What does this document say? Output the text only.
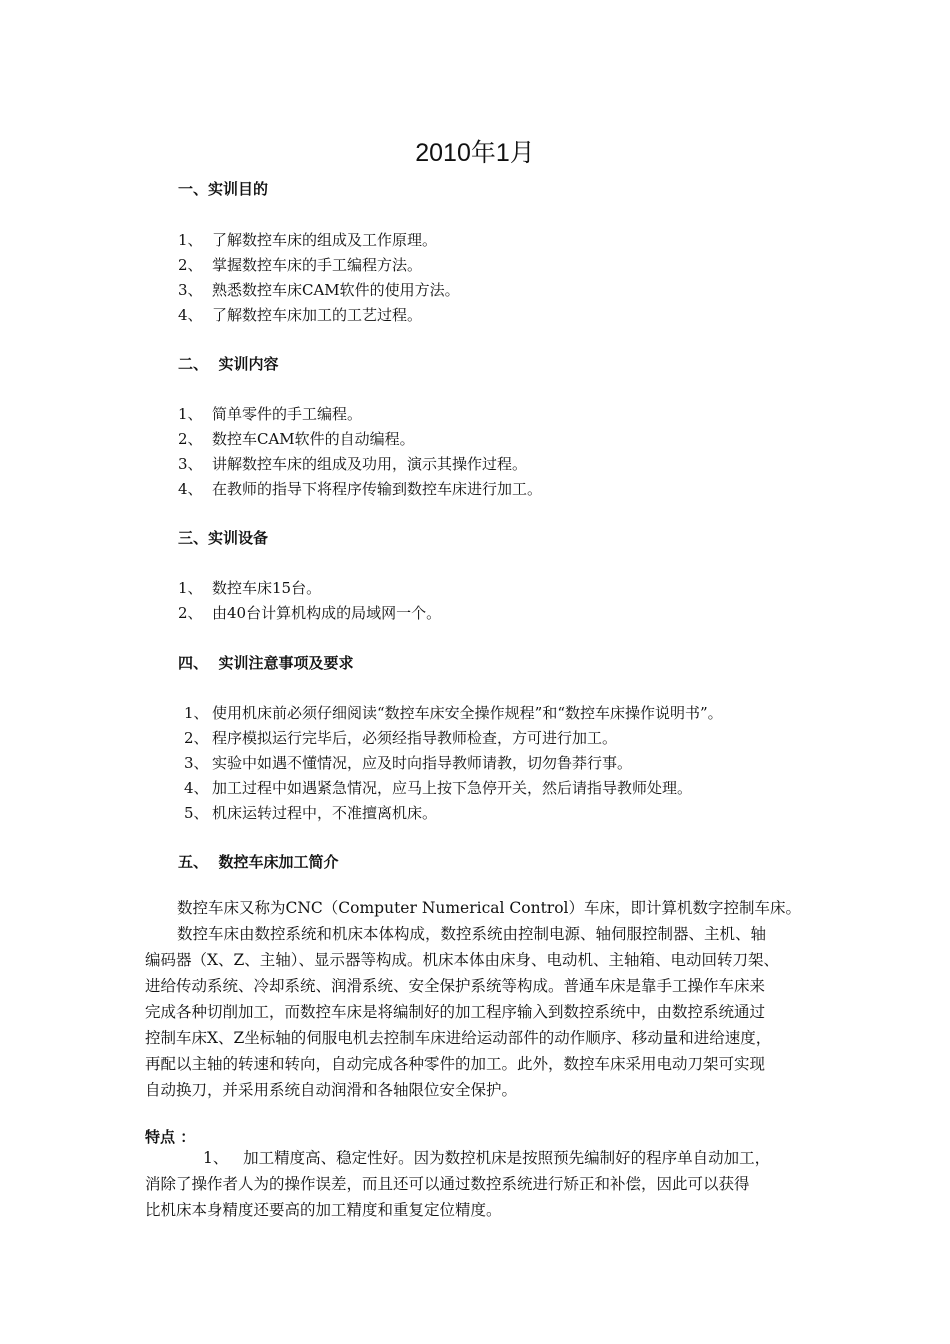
2010年1月
一、实训目的
1、 了解数控车床的组成及工作原理。
2、 掌握数控车床的手工编程方法。
3、 熟悉数控车床CAM软件的使用方法。
4、 了解数控车床加工的工艺过程。
二、  实训内容
1、 简单零件的手工编程。
2、 数控车CAM软件的自动编程。
3、 讲解数控车床的组成及功用，演示其操作过程。
4、 在教师的指导下将程序传输到数控车床进行加工。
三、实训设备
1、 数控车床15台。
2、 由40台计算机构成的局域网一个。
四、  实训注意事项及要求
1、 使用机床前必须仔细阅读“数控车床安全操作规程”和“数控车床操作说明书”。
2、 程序模拟运行完毕后，必须经指导教师检查，方可进行加工。
3、 实验中如遇不懂情况，应及时向指导教师请教，切勿鲁莽行事。
4、 加工过程中如遇紧急情况，应马上按下急停开关，然后请指导教师处理。
5、 机床运转过程中，不准擅离机床。
五、  数控车床加工简介
数控车床又称为CNC（Computer Numerical Control）车床，即计算机数字控制车床。
数控车床由数控系统和机床本体构成，数控系统由控制电源、轴伺服控制器、主机、轴
编码器（X、Z、主轴）、显示器等构成。机床本体由床身、电动机、主轴箱、电动回转刀架、
进给传动系统、冷却系统、润滑系统、安全保护系统等构成。普通车床是靠手工操作车床来
完成各种切削加工，而数控车床是将编制好的加工程序输入到数控系统中，由数控系统通过
控制车床X、Z坐标轴的伺服电机去控制车床进给运动部件的动作顺序、移动量和进给速度，
再配以主轴的转速和转向，自动完成各种零件的加工。此外，数控车床采用电动刀架可实现
自动换刀，并采用系统自动润滑和各轴限位安全保护。
特点 ：
1、   加工精度高、稳定性好。因为数控机床是按照预先编制好的程序单自动加工，
消除了操作者人为的操作误差，而且还可以通过数控系统进行矫正和补偿，因此可以获得
比机床本身精度还要高的加工精度和重复定位精度。
